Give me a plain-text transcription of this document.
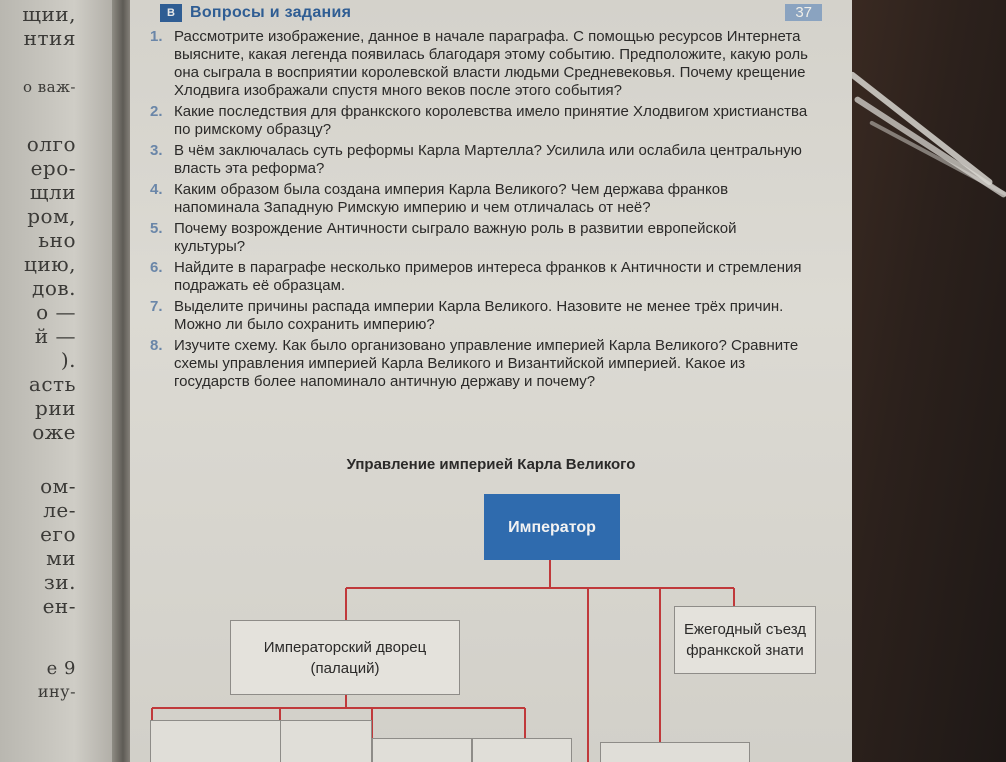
щии,
нтия
о важ-
олго
еро-
щли
ром,
ьно
цию,
дов.
о —
й —
).
асть
рии
оже
ом-
ле-
его
ми
зи.
ен-
е 9
ину-
В Вопросы и задания	37
1. Рассмотрите изображение, данное в начале параграфа. С помощью ресурсов Интернета выясните, какая легенда появилась благодаря этому событию. Предположите, какую роль она сыграла в восприятии королевской власти людьми Средневековья. Почему крещение Хлодвига изображали спустя много веков после этого события?
2. Какие последствия для франкского королевства имело принятие Хлодвигом христианства по римскому образцу?
3. В чём заключалась суть реформы Карла Мартелла? Усилила или ослабила центральную власть эта реформа?
4. Каким образом была создана империя Карла Великого? Чем держава франков напоминала Западную Римскую империю и чем отличалась от неё?
5. Почему возрождение Античности сыграло важную роль в развитии европейской культуры?
6. Найдите в параграфе несколько примеров интереса франков к Античности и стремления подражать её образцам.
7. Выделите причины распада империи Карла Великого. Назовите не менее трёх причин. Можно ли было сохранить империю?
8. Изучите схему. Как было организовано управление империей Карла Великого? Сравните схемы управления империей Карла Великого и Византийской империей. Какое из государств более напоминало античную державу и почему?
Управление империей Карла Великого
Император
Императорский дворец (палаций)
Ежегодный съезд франкской знати
